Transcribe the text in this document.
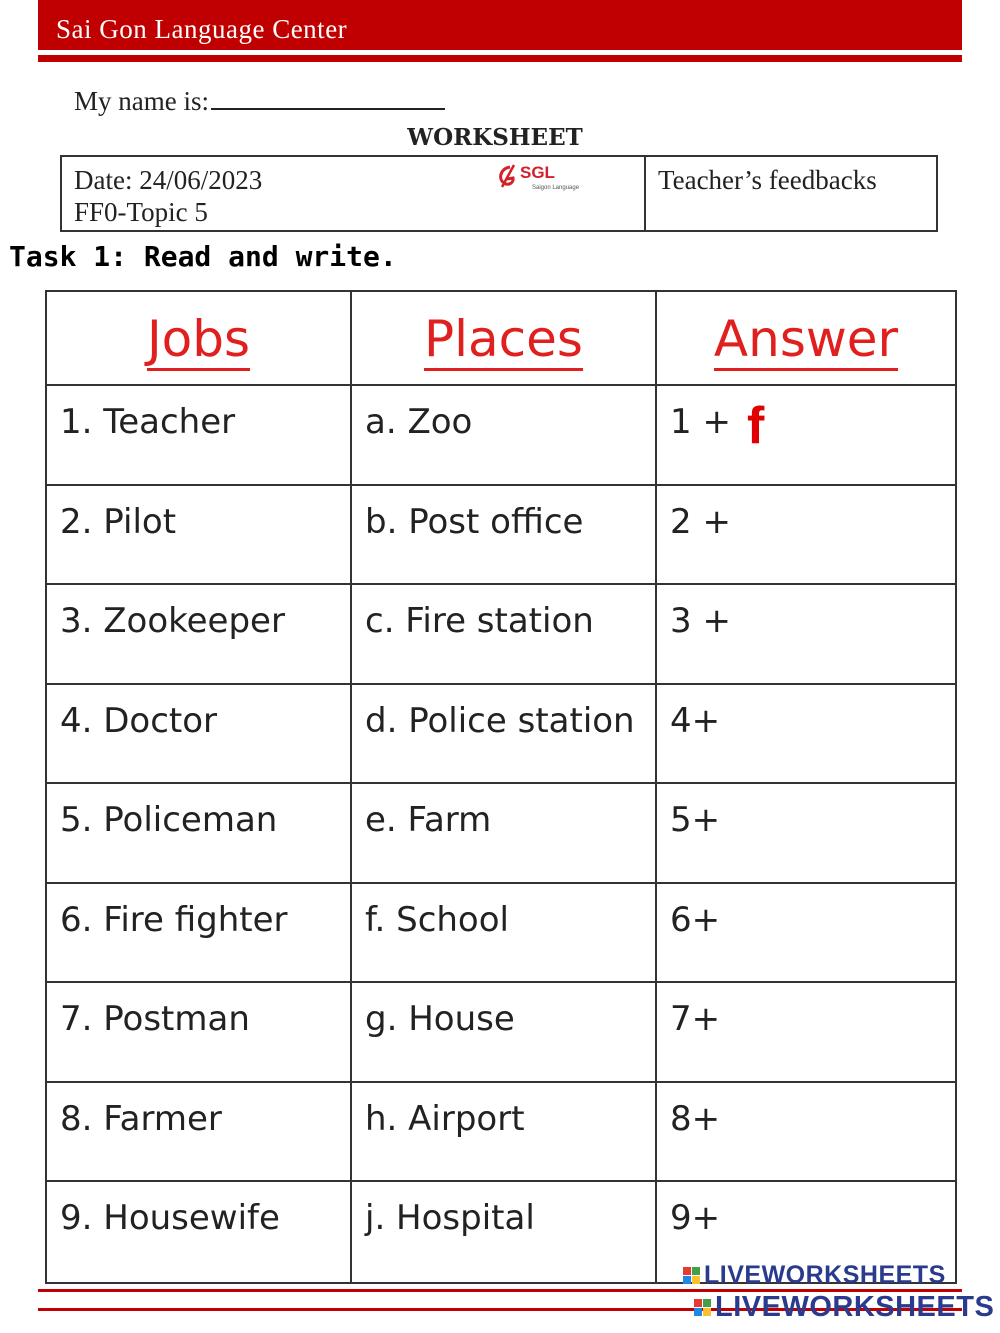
Sai Gon Language Center
My name is:
WORKSHEET
Date: 24/06/2023
FF0-Topic 5
SGL
Saigon Language	Teacher’s feedbacks
Task 1: Read and write.
Jobs	Places	Answer
1. Teacher	a. Zoo	1 + f
2. Pilot	b. Post office	2 +
3. Zookeeper c. Fire station 3 +
4. Doctor	d. Police station 4+
5. Policeman	e. Farm	5+
6. Fire fighter f. School	6+
7. Postman	g. House	7+
8. Farmer	h. Airport	8+
9. Housewife	j. Hospital	9+
LIVEWORKSHEETS
LIVEWORKSHEETS
